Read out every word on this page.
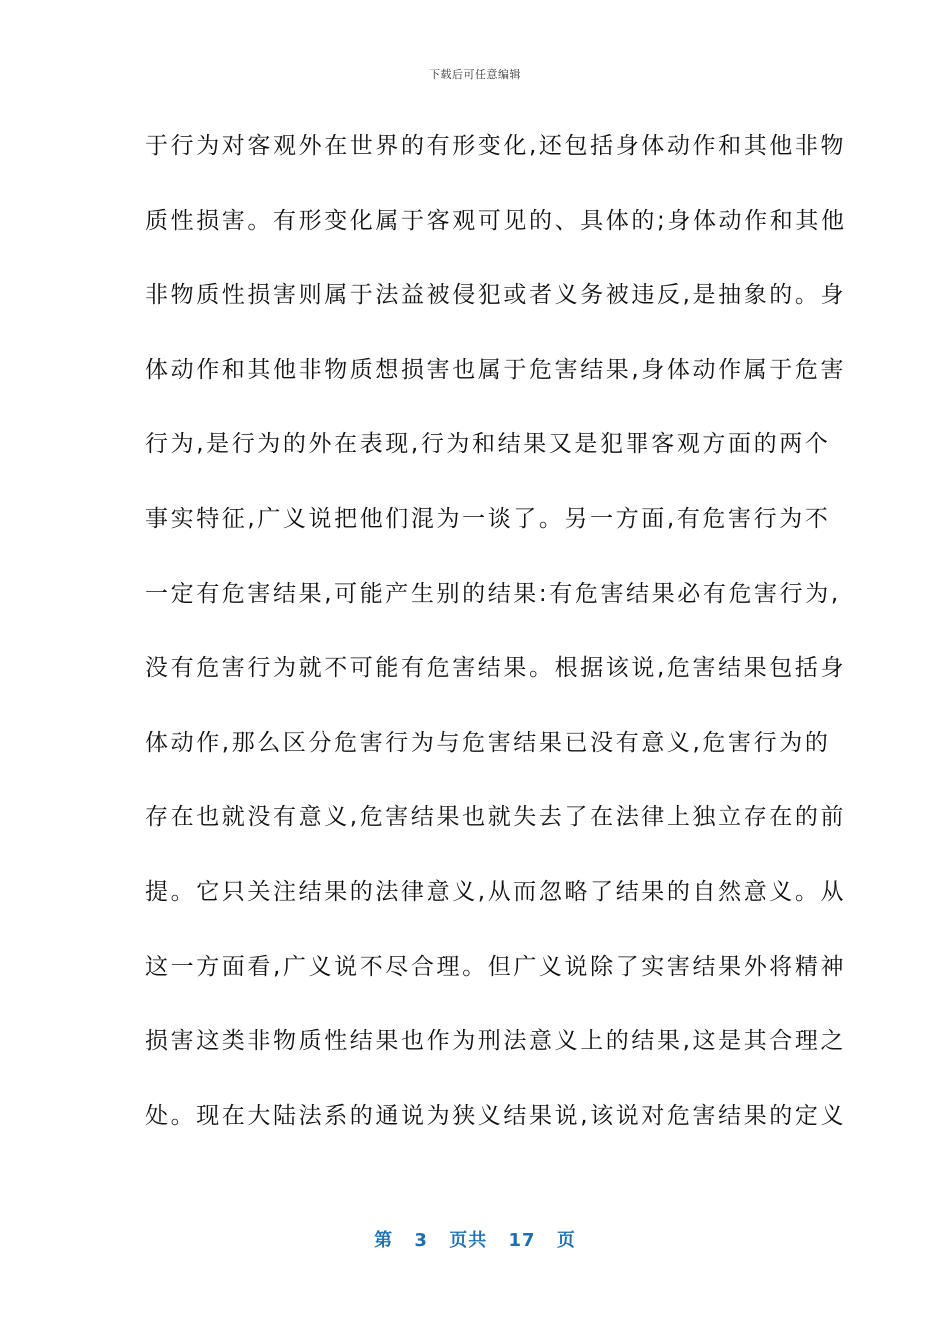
下载后可任意编辑
于行为对客观外在世界的有形变化,还包括身体动作和其他非物
质性损害。有形变化属于客观可见的、具体的;身体动作和其他
非物质性损害则属于法益被侵犯或者义务被违反,是抽象的。身
体动作和其他非物质想损害也属于危害结果,身体动作属于危害
行为,是行为的外在表现,行为和结果又是犯罪客观方面的两个
事实特征,广义说把他们混为一谈了。另一方面,有危害行为不
一定有危害结果,可能产生别的结果:有危害结果必有危害行为,
没有危害行为就不可能有危害结果。根据该说,危害结果包括身
体动作,那么区分危害行为与危害结果已没有意义,危害行为的
存在也就没有意义,危害结果也就失去了在法律上独立存在的前
提。它只关注结果的法律意义,从而忽略了结果的自然意义。从
这一方面看,广义说不尽合理。但广义说除了实害结果外将精神
损害这类非物质性结果也作为刑法意义上的结果,这是其合理之
处。现在大陆法系的通说为狭义结果说,该说对危害结果的定义
第 3 页共 17 页
